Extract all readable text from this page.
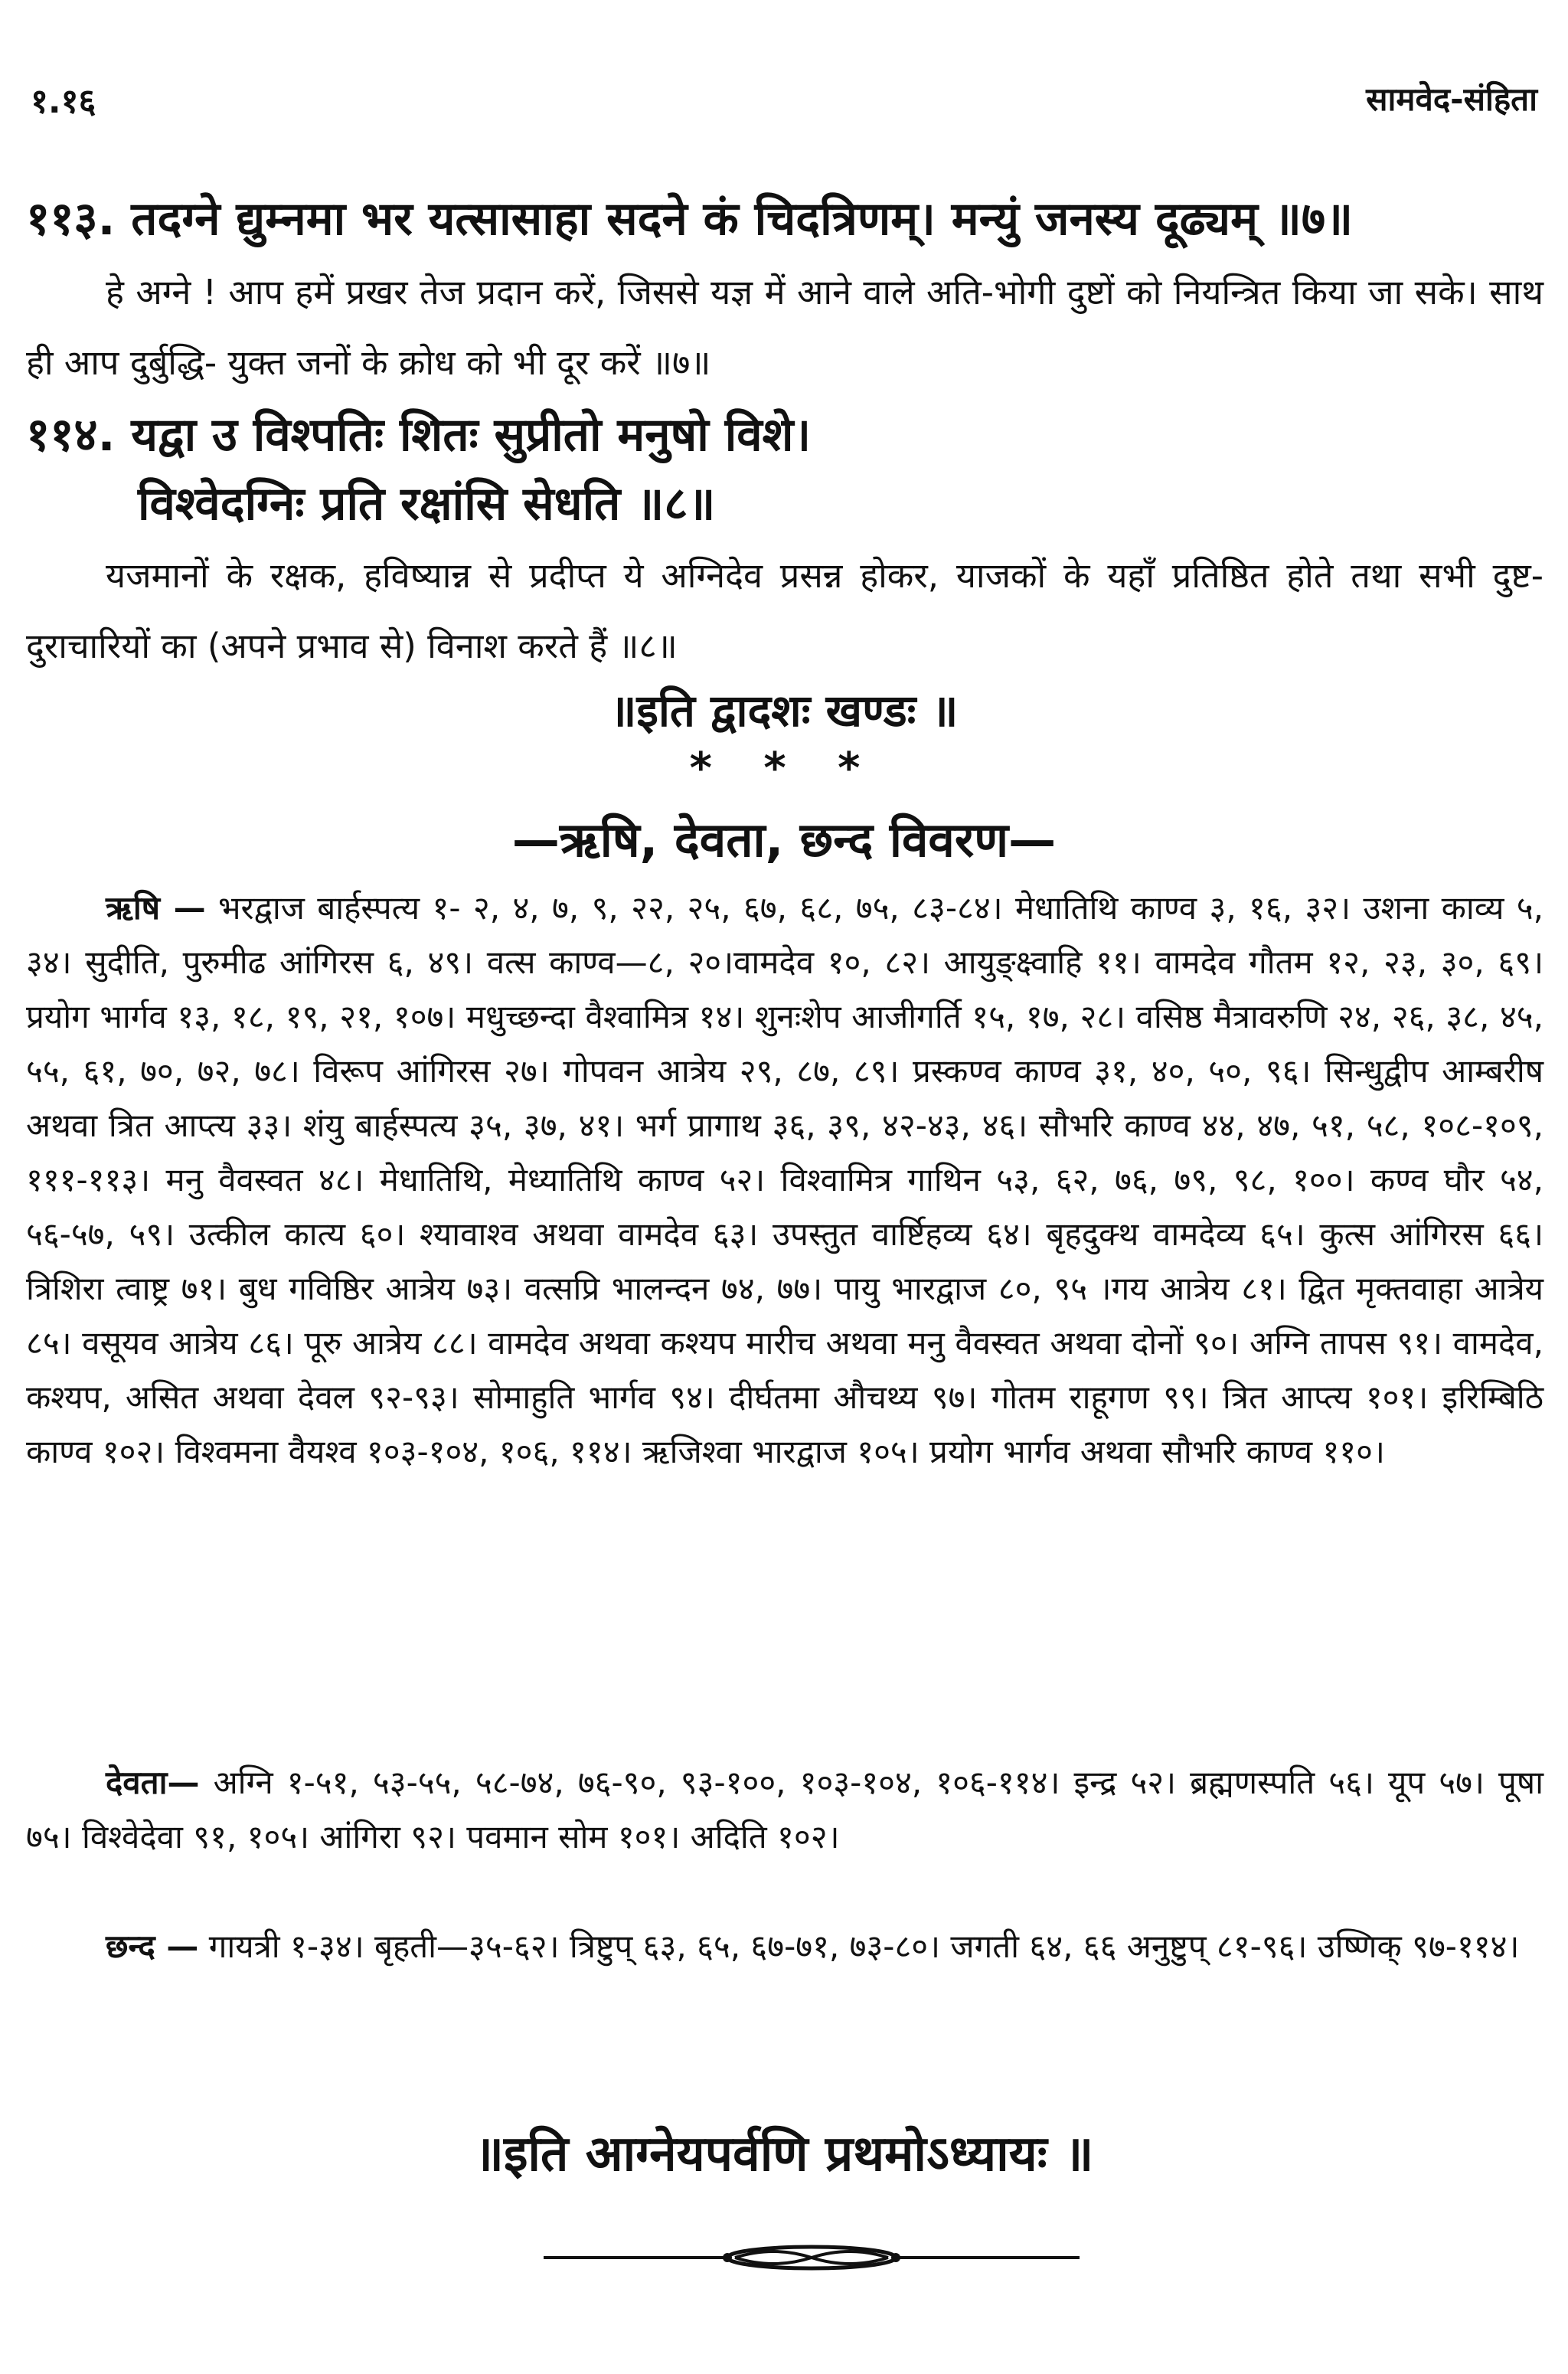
१.१६	सामवेद-संहिता
११३. तदग्ने द्युम्नमा भर यत्सासाहा सदने कं चिदत्रिणम्। मन्युं जनस्य दूढ्यम् ॥७॥
हे अग्ने ! आप हमें प्रखर तेज प्रदान करें, जिससे यज्ञ में आने वाले अति-भोगी दुष्टों को नियन्त्रित किया जा सके। साथ ही आप दुर्बुद्धि- युक्त जनों के क्रोध को भी दूर करें ॥७॥
११४. यद्वा उ विश्पतिः शितः सुप्रीतो मनुषो विशे।
विश्वेदग्निः प्रति रक्षांसि सेधति ॥८॥
यजमानों के रक्षक, हविष्यान्न से प्रदीप्त ये अग्निदेव प्रसन्न होकर, याजकों के यहाँ प्रतिष्ठित होते तथा सभी दुष्ट-दुराचारियों का (अपने प्रभाव से) विनाश करते हैं ॥८॥
॥इति द्वादशः खण्डः ॥
* * *
—ऋषि, देवता, छन्द विवरण—
ऋषि — भरद्वाज बार्हस्पत्य १- २, ४, ७, ९, २२, २५, ६७, ६८, ७५, ८३-८४। मेधातिथि काण्व ३, १६, ३२। उशना काव्य ५, ३४। सुदीति, पुरुमीढ आंगिरस ६, ४९। वत्स काण्व—८, २०।वामदेव १०, ८२। आयुङ्क्ष्वाहि ११। वामदेव गौतम १२, २३, ३०, ६९। प्रयोग भार्गव १३, १८, १९, २१, १०७। मधुच्छन्दा वैश्वामित्र १४। शुनःशेप आजीगर्ति १५, १७, २८। वसिष्ठ मैत्रावरुणि २४, २६, ३८, ४५, ५५, ६१, ७०, ७२, ७८। विरूप आंगिरस २७। गोपवन आत्रेय २९, ८७, ८९। प्रस्कण्व काण्व ३१, ४०, ५०, ९६। सिन्धुद्वीप आम्बरीष अथवा त्रित आप्त्य ३३। शंयु बार्हस्पत्य ३५, ३७, ४१। भर्ग प्रागाथ ३६, ३९, ४२-४३, ४६। सौभरि काण्व ४४, ४७, ५१, ५८, १०८-१०९, १११-११३। मनु वैवस्वत ४८। मेधातिथि, मेध्यातिथि काण्व ५२। विश्वामित्र गाथिन ५३, ६२, ७६, ७९, ९८, १००। कण्व घौर ५४, ५६-५७, ५९। उत्कील कात्य ६०। श्यावाश्व अथवा वामदेव ६३। उपस्तुत वार्ष्टिहव्य ६४। बृहदुक्थ वामदेव्य ६५। कुत्स आंगिरस ६६। त्रिशिरा त्वाष्ट्र ७१। बुध गविष्ठिर आत्रेय ७३। वत्सप्रि भालन्दन ७४, ७७। पायु भारद्वाज ८०, ९५ ।गय आत्रेय ८१। द्वित मृक्तवाहा आत्रेय ८५। वसूयव आत्रेय ८६। पूरु आत्रेय ८८। वामदेव अथवा कश्यप मारीच अथवा मनु वैवस्वत अथवा दोनों ९०। अग्नि तापस ९१। वामदेव, कश्यप, असित अथवा देवल ९२-९३। सोमाहुति भार्गव ९४। दीर्घतमा औचथ्य ९७। गोतम राहूगण ९९। त्रित आप्त्य १०१। इरिम्बिठि काण्व १०२। विश्वमना वैयश्व १०३-१०४, १०६, ११४। ऋजिश्वा भारद्वाज १०५। प्रयोग भार्गव अथवा सौभरि काण्व ११०।
देवता— अग्नि १-५१, ५३-५५, ५८-७४, ७६-९०, ९३-१००, १०३-१०४, १०६-११४। इन्द्र ५२। ब्रह्मणस्पति ५६। यूप ५७। पूषा ७५। विश्वेदेवा ९१, १०५। आंगिरा ९२। पवमान सोम १०१। अदिति १०२।
छन्द — गायत्री १-३४। बृहती—३५-६२। त्रिष्टुप् ६३, ६५, ६७-७१, ७३-८०। जगती ६४, ६६ अनुष्टुप् ८१-९६। उष्णिक् ९७-११४।
॥इति आग्नेयपर्वणि प्रथमोऽध्यायः ॥
